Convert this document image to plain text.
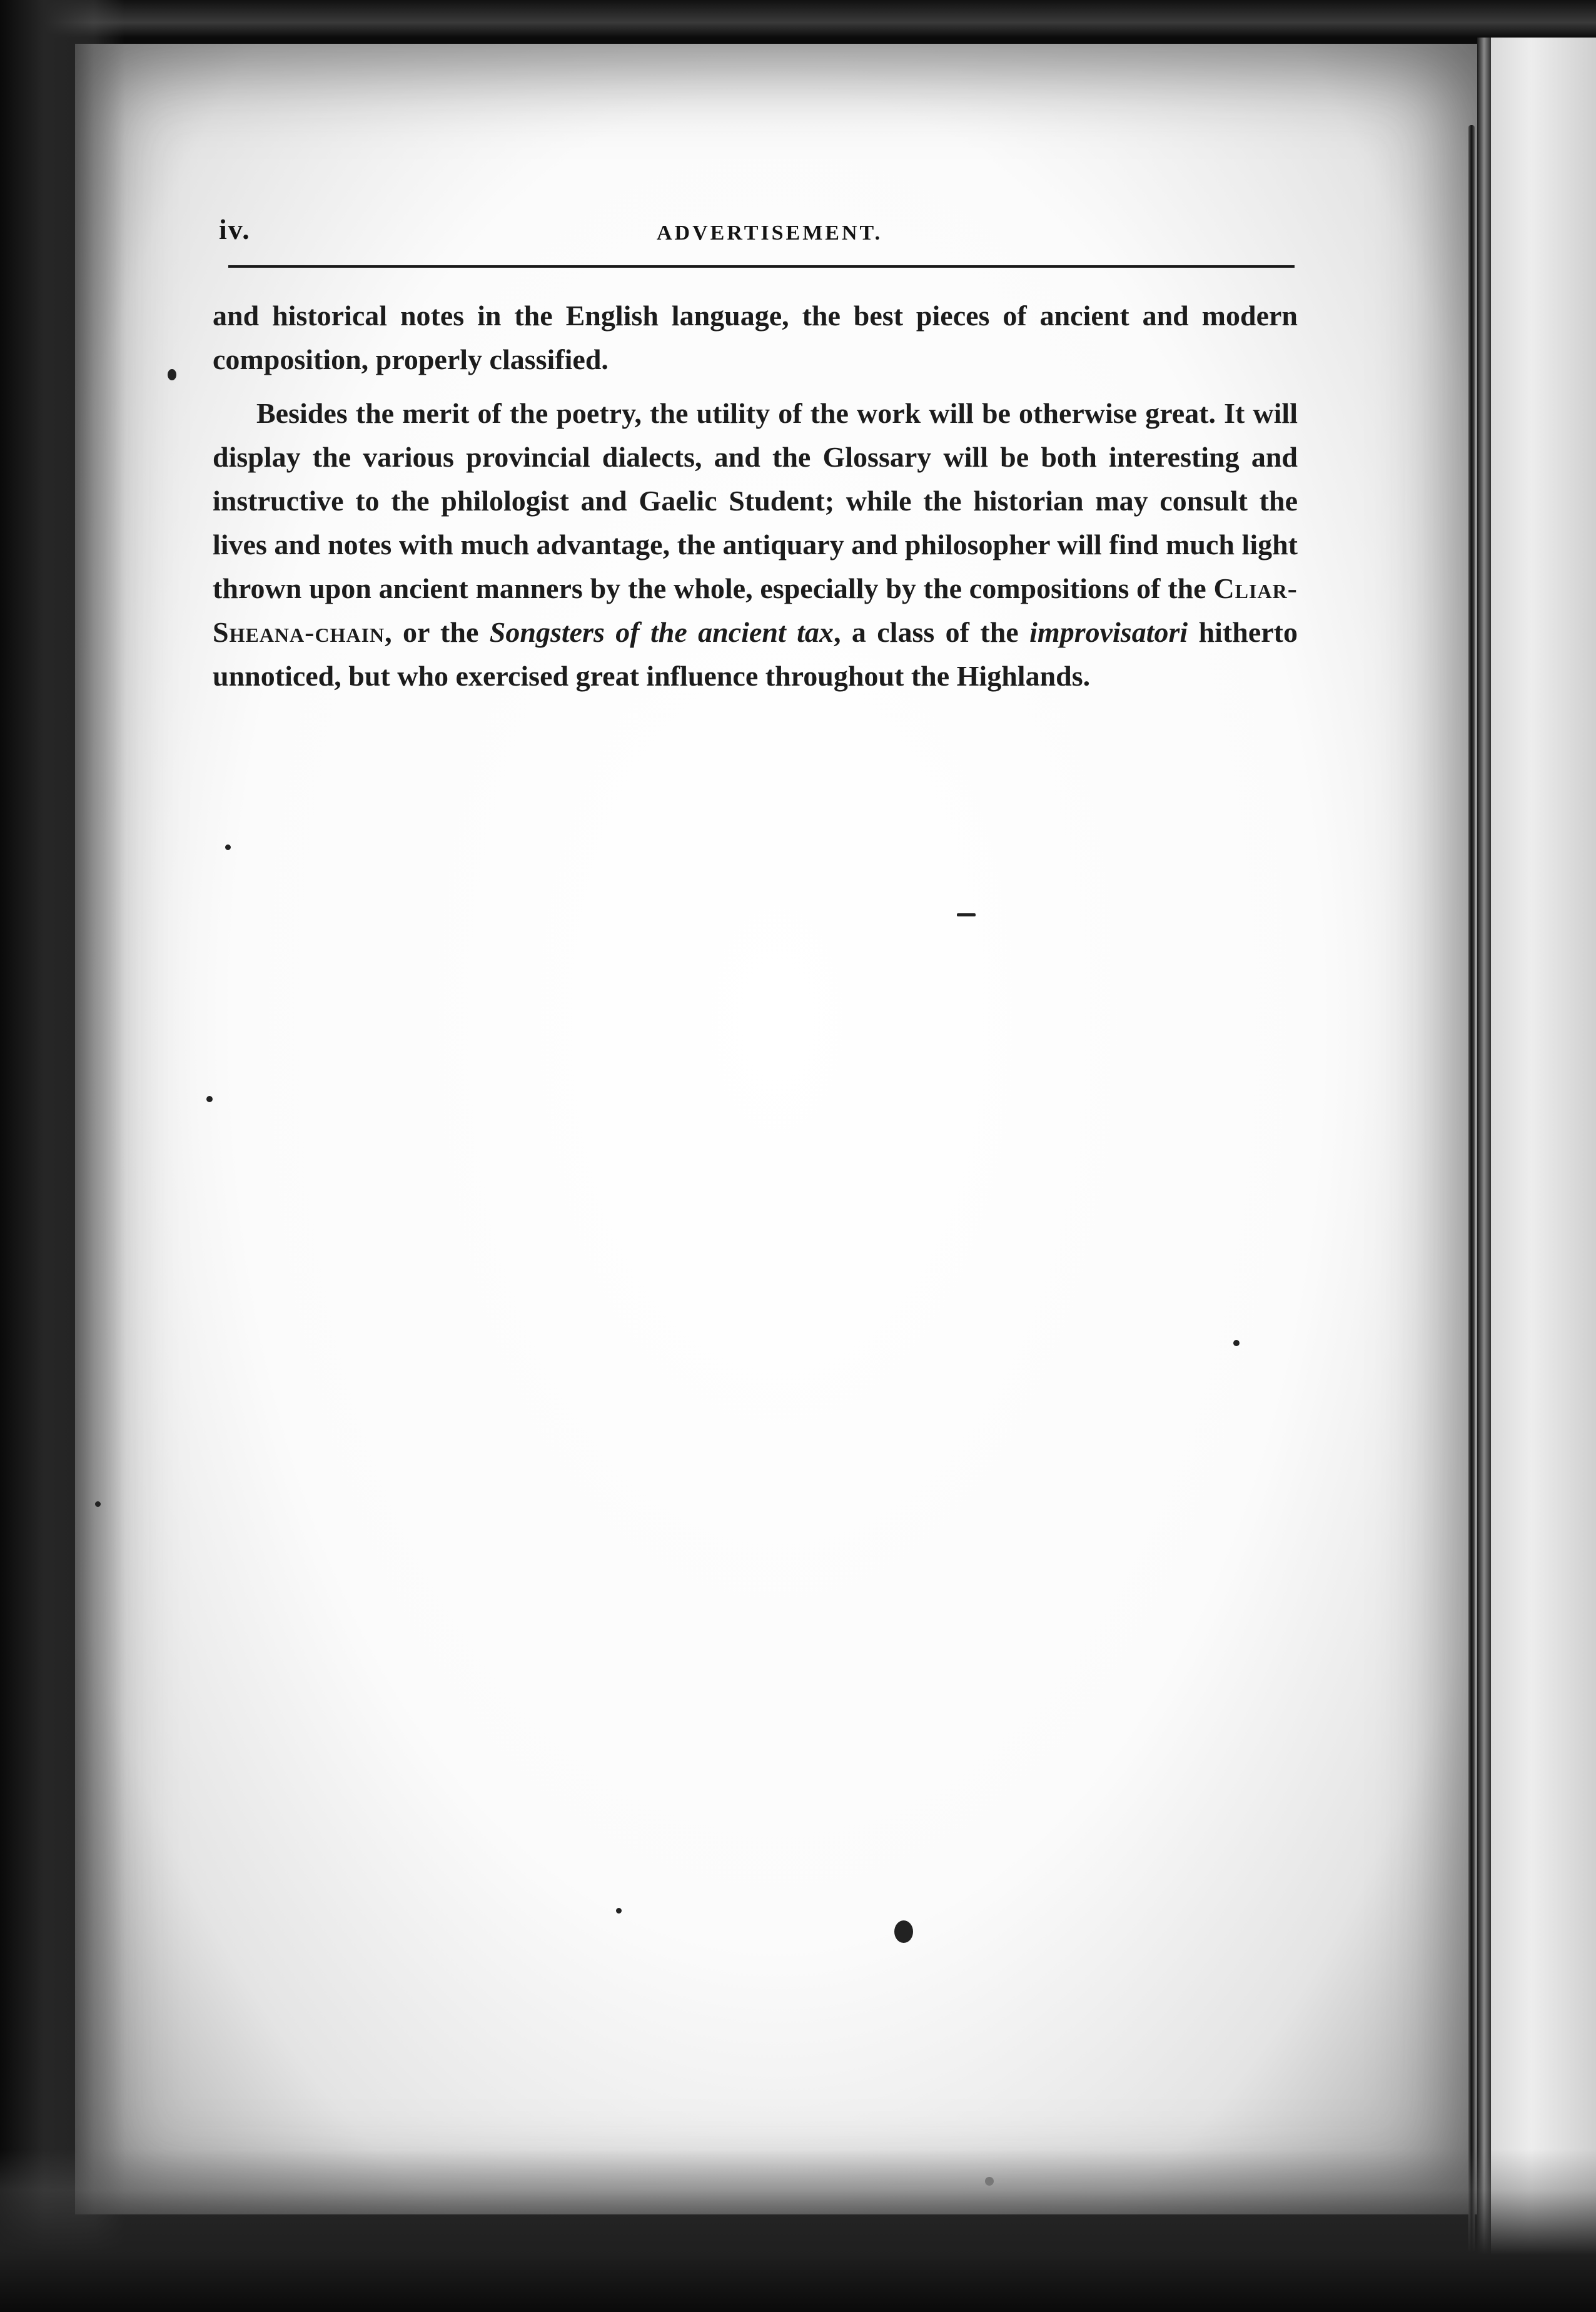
iv.	ADVERTISEMENT.

and historical notes in the English language, the best pieces of ancient and modern composition, properly classified.

Besides the merit of the poetry, the utility of the work will be otherwise great. It will display the various provincial dialects, and the Glossary will be both interesting and instructive to the philologist and Gaelic Student; while the historian may consult the lives and notes with much advantage, the antiquary and philosopher will find much light thrown upon ancient manners by the whole, especially by the compositions of the Cliar-Sheana-chain, or the Songsters of the ancient tax, a class of the improvisatori hitherto unnoticed, but who exercised great influence throughout the Highlands.
